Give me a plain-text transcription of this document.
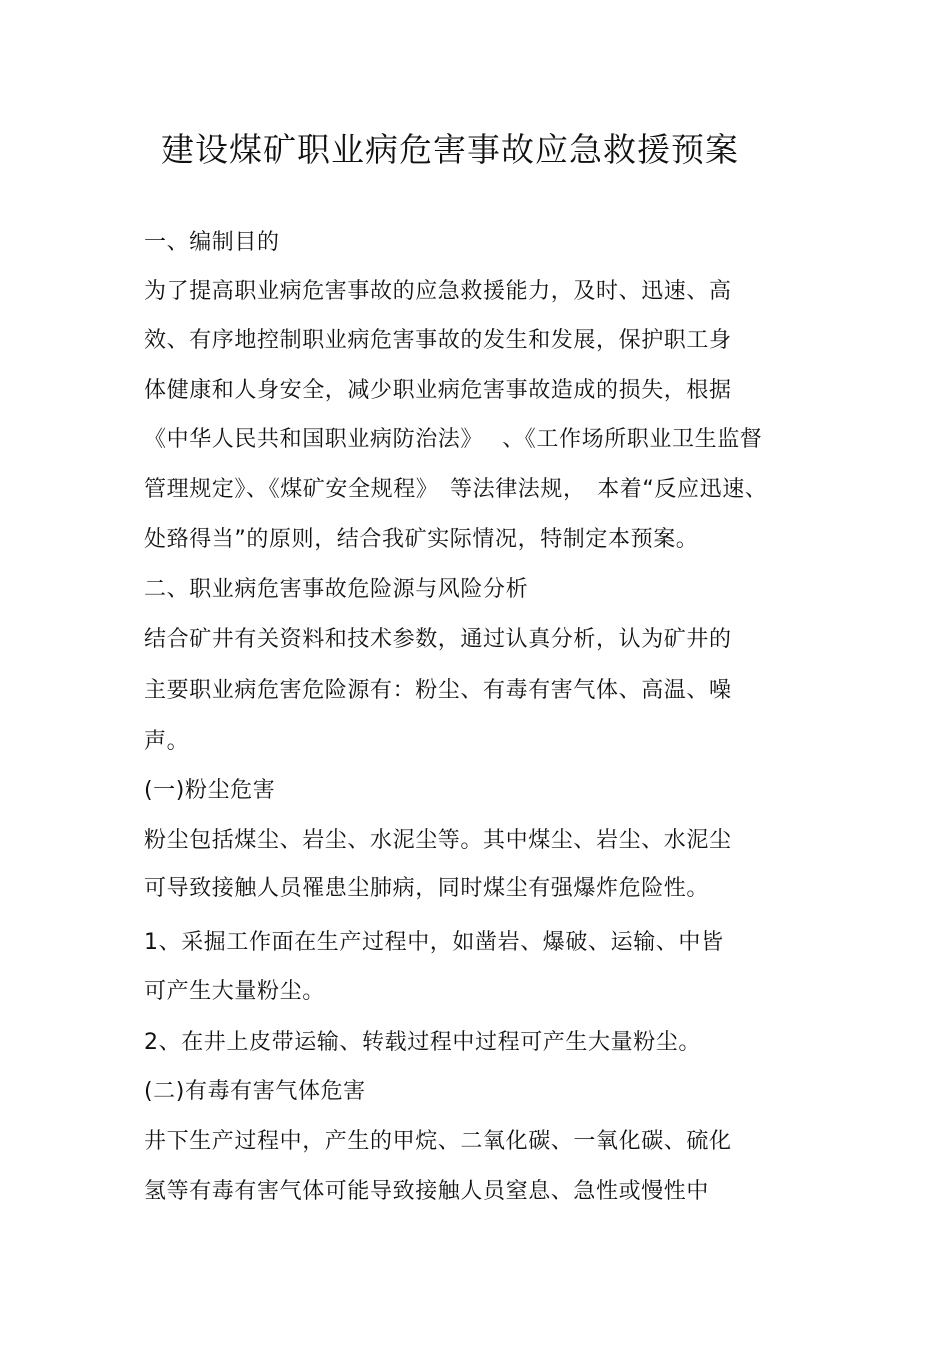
建设煤矿职业病危害事故应急救援预案
一、编制目的
为了提高职业病危害事故的应急救援能力，及时、迅速、高
效、有序地控制职业病危害事故的发生和发展，保护职工身
体健康和人身安全，减少职业病危害事故造成的损失，根据
《中华人民共和国职业病防治法》　 、《工作场所职业卫生监督
管理规定》、《煤矿安全规程》　等法律法规，　本着“反应迅速、
处臵得当”的原则，结合我矿实际情况，特制定本预案。
二、职业病危害事故危险源与风险分析
结合矿井有关资料和技术参数，通过认真分析，认为矿井的
主要职业病危害危险源有：粉尘、有毒有害气体、高温、噪
声。
(一)粉尘危害
粉尘包括煤尘、岩尘、水泥尘等。其中煤尘、岩尘、水泥尘
可导致接触人员罹患尘肺病，同时煤尘有强爆炸危险性。
1、采掘工作面在生产过程中，如凿岩、爆破、运输、中皆
可产生大量粉尘。
2、在井上皮带运输、转载过程中过程可产生大量粉尘。
(二)有毒有害气体危害
井下生产过程中，产生的甲烷、二氧化碳、一氧化碳、硫化
氢等有毒有害气体可能导致接触人员窒息、急性或慢性中
